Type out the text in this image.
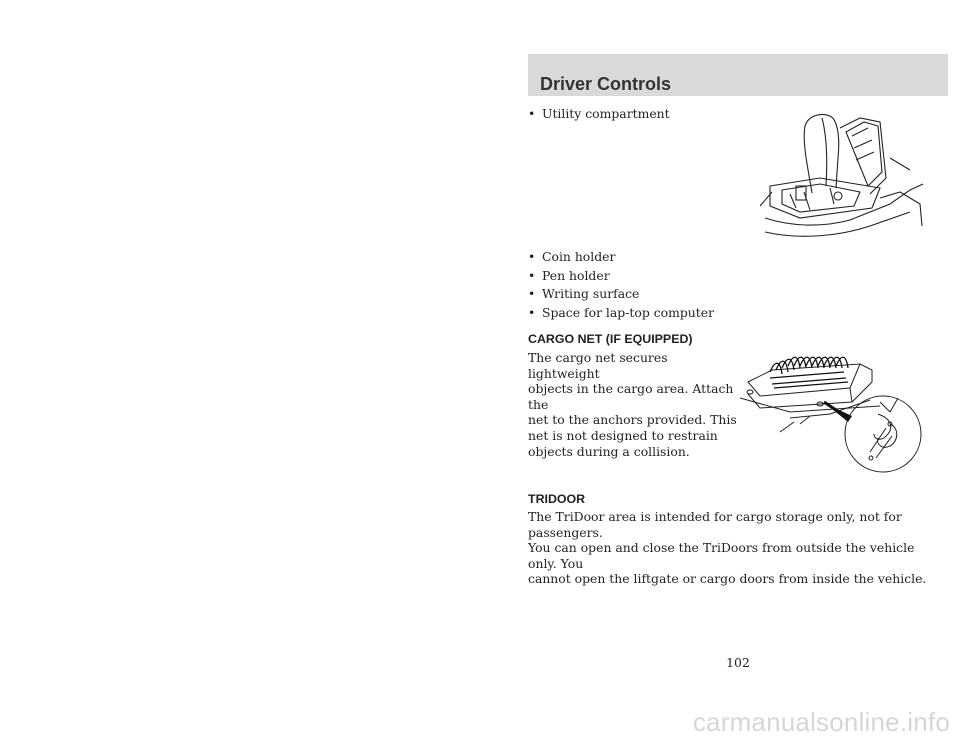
Driver Controls
• Utility compartment
• Coin holder
• Pen holder
• Writing surface
• Space for lap-top computer
CARGO NET (IF EQUIPPED)
The cargo net secures lightweight
objects in the cargo area. Attach the
net to the anchors provided. This
net is not designed to restrain
objects during a collision.
TRIDOOR
The TriDoor area is intended for cargo storage only, not for passengers.
You can open and close the TriDoors from outside the vehicle only. You
cannot open the liftgate or cargo doors from inside the vehicle.
102
carmanualsonline.info
